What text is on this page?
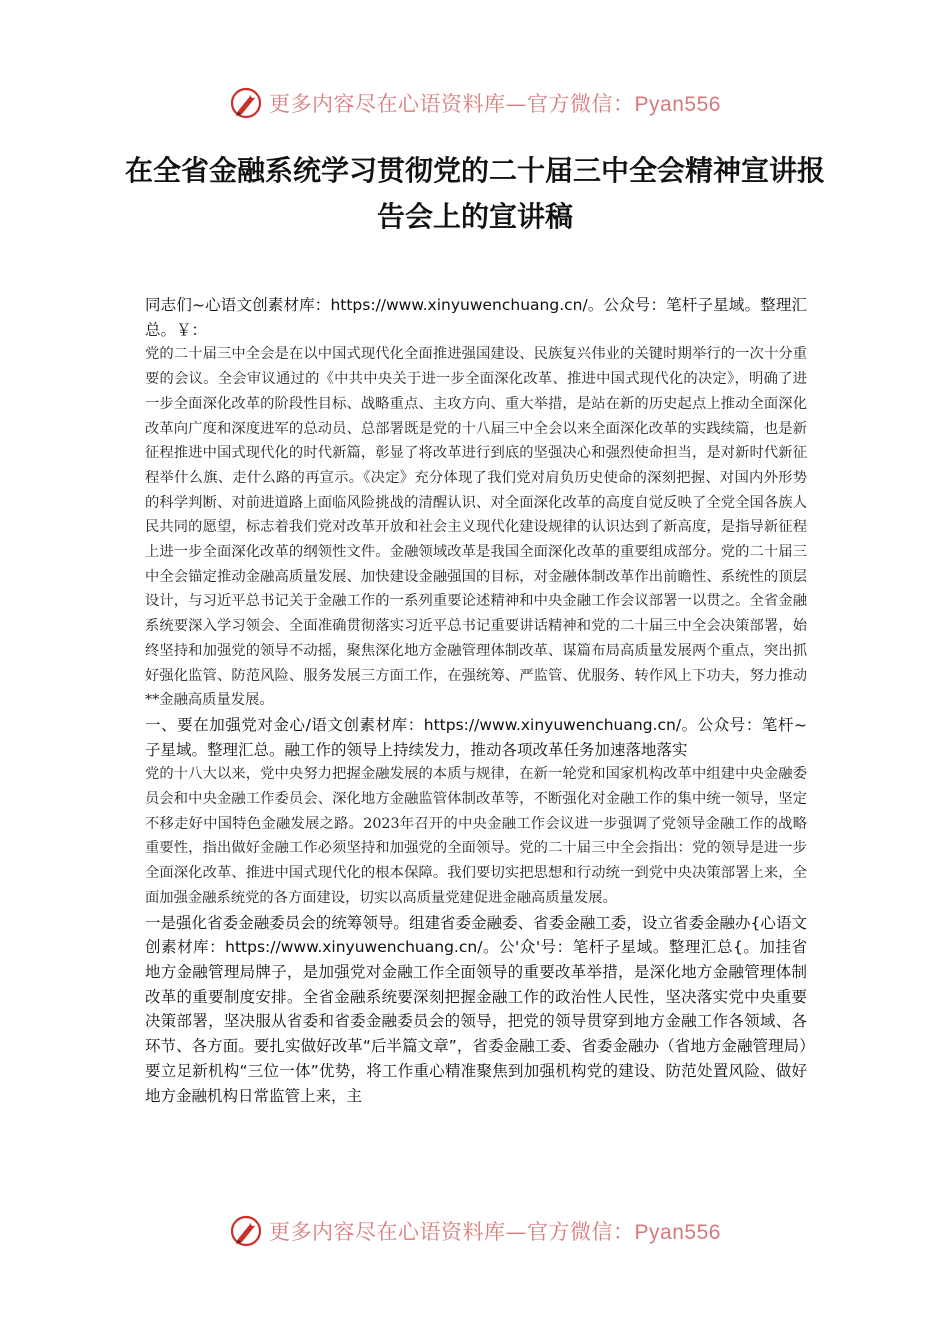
更多内容尽在心语资料库—官方微信：Pyan556
在全省金融系统学习贯彻党的二十届三中全会精神宣讲报告会上的宣讲稿

同志们~心语文创素材库：https://www.xinyuwenchuang.cn/。公众号：笔杆子星域。整理汇总。￥：

党的二十届三中全会是在以中国式现代化全面推进强国建设、民族复兴伟业的关键时期举行的一次十分重要的会议。全会审议通过的《中共中央关于进一步全面深化改革、推进中国式现代化的决定》，明确了进一步全面深化改革的阶段性目标、战略重点、主攻方向、重大举措，是站在新的历史起点上推动全面深化改革向广度和深度进军的总动员、总部署既是党的十八届三中全会以来全面深化改革的实践续篇，也是新征程推进中国式现代化的时代新篇，彰显了将改革进行到底的坚强决心和强烈使命担当，是对新时代新征程举什么旗、走什么路的再宣示。《决定》充分体现了我们党对肩负历史使命的深刻把握、对国内外形势的科学判断、对前进道路上面临风险挑战的清醒认识、对全面深化改革的高度自觉反映了全党全国各族人民共同的愿望，标志着我们党对改革开放和社会主义现代化建设规律的认识达到了新高度，是指导新征程上进一步全面深化改革的纲领性文件。金融领域改革是我国全面深化改革的重要组成部分。党的二十届三中全会锚定推动金融高质量发展、加快建设金融强国的目标，对金融体制改革作出前瞻性、系统性的顶层设计，与习近平总书记关于金融工作的一系列重要论述精神和中央金融工作会议部署一以贯之。全省金融系统要深入学习领会、全面准确贯彻落实习近平总书记重要讲话精神和党的二十届三中全会决策部署，始终坚持和加强党的领导不动摇，聚焦深化地方金融管理体制改革、谋篇布局高质量发展两个重点，突出抓好强化监管、防范风险、服务发展三方面工作，在强统筹、严监管、优服务、转作风上下功夫，努力推动**金融高质量发展。

一、要在加强党对金心/语文创素材库：https://www.xinyuwenchuang.cn/。公众号：笔杆~子星域。整理汇总。融工作的领导上持续发力，推动各项改革任务加速落地落实

党的十八大以来，党中央努力把握金融发展的本质与规律，在新一轮党和国家机构改革中组建中央金融委员会和中央金融工作委员会、深化地方金融监管体制改革等，不断强化对金融工作的集中统一领导，坚定不移走好中国特色金融发展之路。2023年召开的中央金融工作会议进一步强调了党领导金融工作的战略重要性，指出做好金融工作必须坚持和加强党的全面领导。党的二十届三中全会指出：党的领导是进一步全面深化改革、推进中国式现代化的根本保障。我们要切实把思想和行动统一到党中央决策部署上来，全面加强金融系统党的各方面建设，切实以高质量党建促进金融高质量发展。

一是强化省委金融委员会的统筹领导。组建省委金融委、省委金融工委，设立省委金融办{心语文创素材库：https://www.xinyuwenchuang.cn/。公'众'号：笔杆子星域。整理汇总{。加挂省地方金融管理局牌子，是加强党对金融工作全面领导的重要改革举措，是深化地方金融管理体制改革的重要制度安排。全省金融系统要深刻把握金融工作的政治性人民性，坚决落实党中央重要决策部署，坚决服从省委和省委金融委员会的领导，把党的领导贯穿到地方金融工作各领域、各环节、各方面。要扎实做好改革“后半篇文章”，省委金融工委、省委金融办（省地方金融管理局）要立足新机构“三位一体”优势，将工作重心精准聚焦到加强机构党的建设、防范处置风险、做好地方金融机构日常监管上来，主

更多内容尽在心语资料库—官方微信：Pyan556
